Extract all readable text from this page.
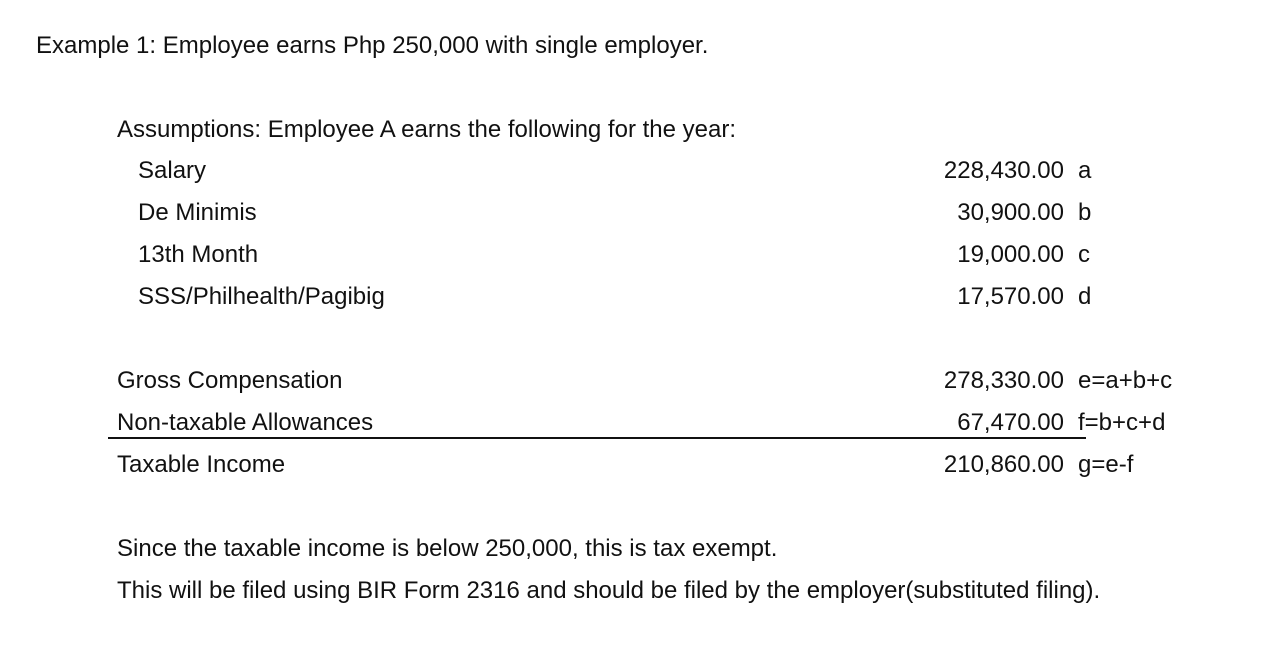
Example 1: Employee earns Php 250,000 with single employer.
Assumptions: Employee A earns the following for the year:
Salary	228,430.00 a
De Minimis	30,900.00 b
13th Month	19,000.00 c
SSS/Philhealth/Pagibig	17,570.00 d
Gross Compensation	278,330.00 e=a+b+c
Non-taxable Allowances	67,470.00 f=b+c+d
Taxable Income	210,860.00 g=e-f
Since the taxable income is below 250,000, this is tax exempt.
This will be filed using BIR Form 2316 and should be filed by the employer(substituted filing).
